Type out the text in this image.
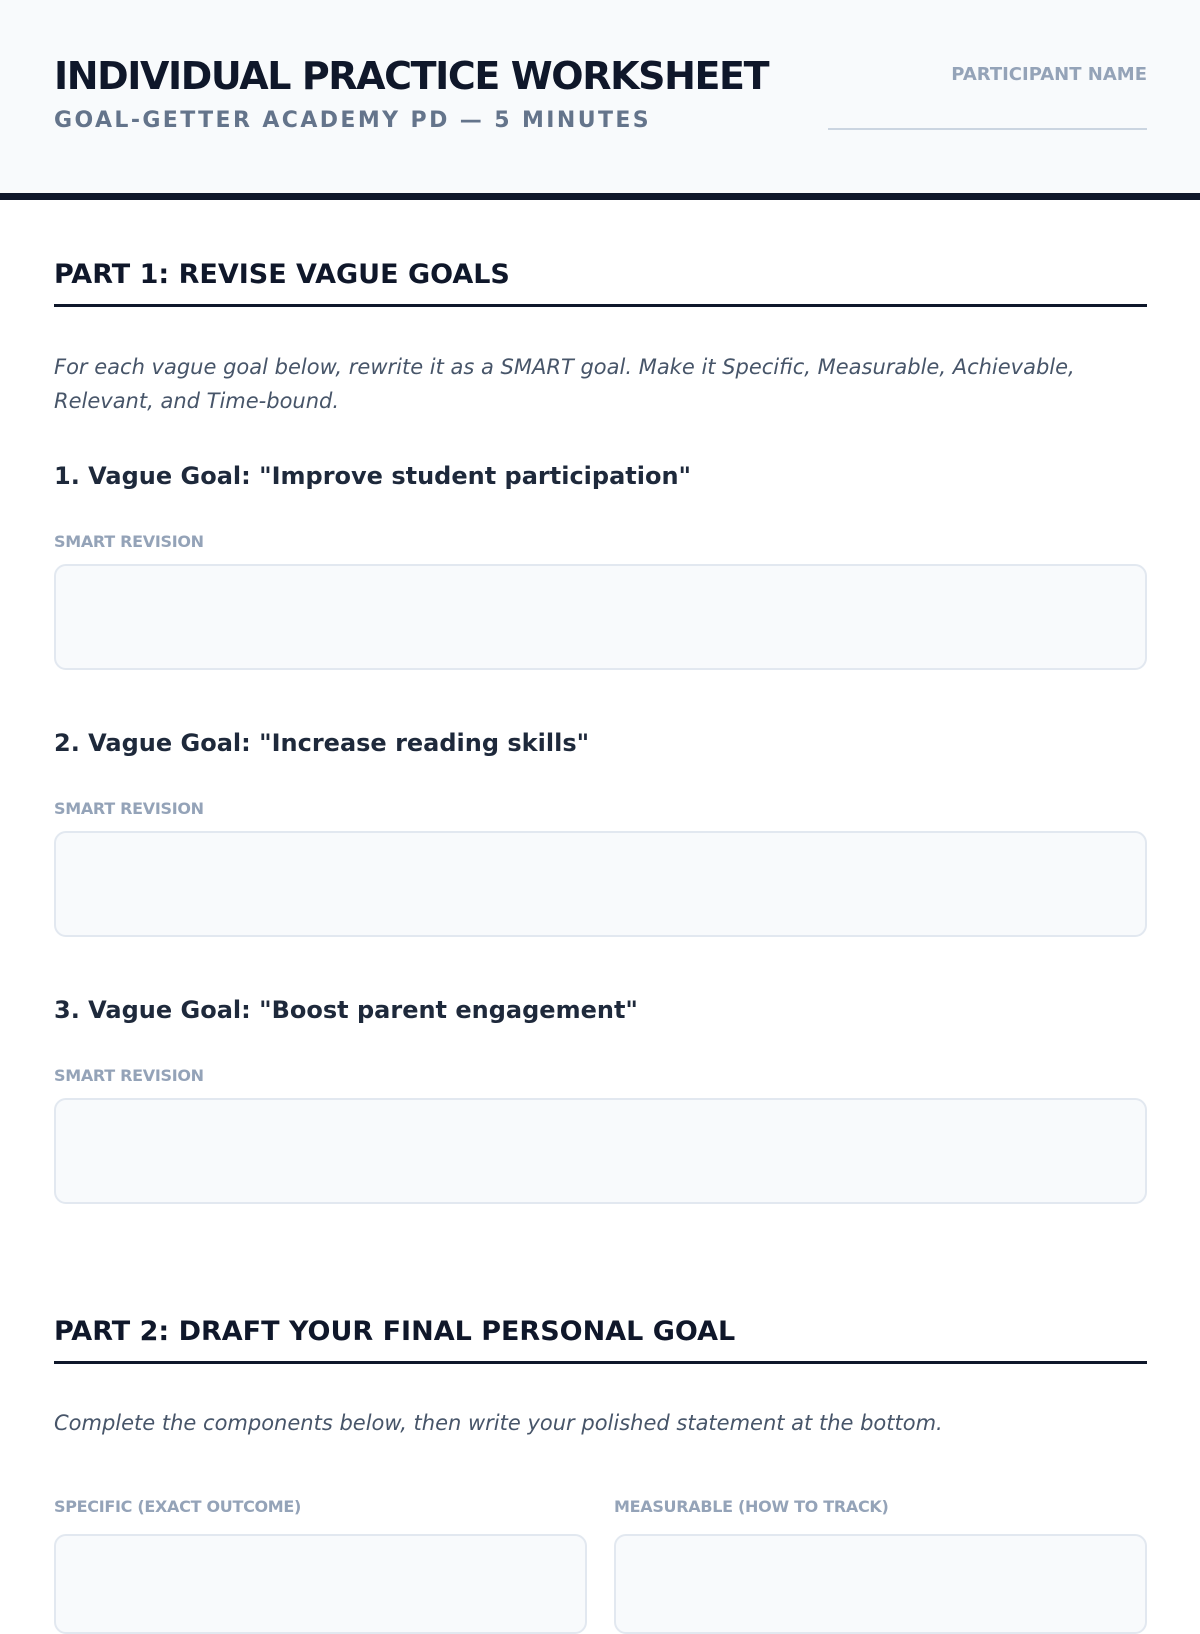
INDIVIDUAL PRACTICE WORKSHEET
GOAL-GETTER ACADEMY PD — 5 MINUTES
PARTICIPANT NAME
PART 1: REVISE VAGUE GOALS
For each vague goal below, rewrite it as a SMART goal. Make it Specific, Measurable, Achievable, Relevant, and Time-bound.
1. Vague Goal: "Improve student participation"
SMART REVISION
2. Vague Goal: "Increase reading skills"
SMART REVISION
3. Vague Goal: "Boost parent engagement"
SMART REVISION
PART 2: DRAFT YOUR FINAL PERSONAL GOAL
Complete the components below, then write your polished statement at the bottom.
SPECIFIC (EXACT OUTCOME)	MEASURABLE (HOW TO TRACK)
